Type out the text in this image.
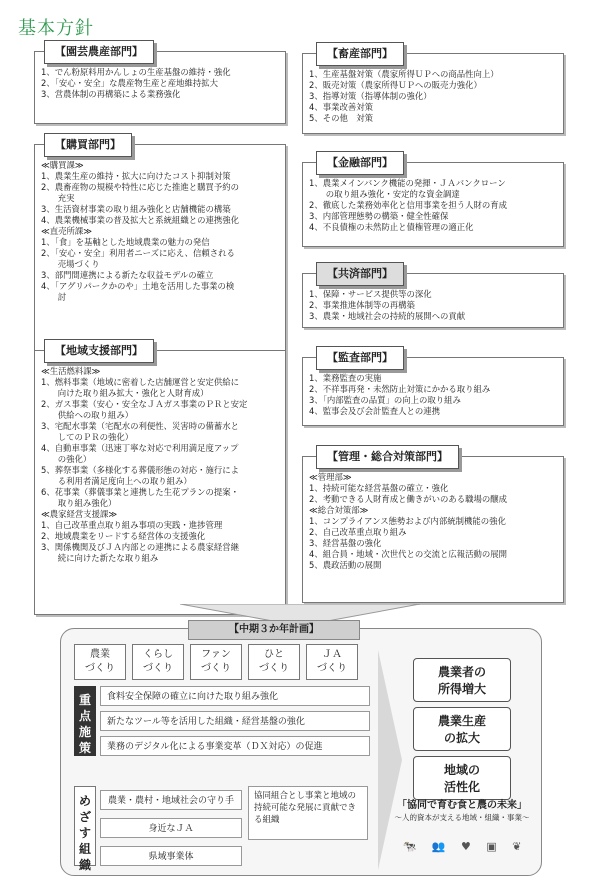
基本方針
【園芸農産部門】
1、でん粉原料用かんしょの生産基盤の維持・強化
2、「安心・安全」な農産物生産と産地維持拡大
3、営農体制の再構築による業務強化
【購買部門】
≪購買課≫
1、農業生産の維持・拡大に向けたコスト抑制対策
2、農畜産物の規模や特性に応じた推進と購買予約の
　　充実
3、生活資材事業の取り組み強化と店舗機能の構築
4、農業機械事業の普及拡大と系統組織との連携強化
≪直売所課≫
1、「食」を基軸とした地域農業の魅力の発信
2、「安心・安全」利用者ニーズに応え、信頼される
　　売場づくり
3、部門間連携による新たな収益モデルの確立
4、「アグリパークかのや」土地を活用した事業の検
　　討
【地域支援部門】
≪生活燃料課≫
1、燃料事業（地域に密着した店舗運営と安定供給に
　　向けた取り組み拡大・強化と人財育成）
2、ガス事業（安心・安全なＪＡガス事業のＰＲと安定
　　供給への取り組み）
3、宅配水事業（宅配水の利便性、災害時の備蓄水と
　　してのＰＲの強化）
4、自動車事業（迅速丁寧な対応で利用満足度アップ
　　の強化）
5、葬祭事業（多様化する葬儀形態の対応・施行によ
　　る利用者満足度向上への取り組み）
6、花事業（葬儀事業と連携した生花プランの提案・
　　取り組み強化）
≪農家経営支援課≫
1、自己改革重点取り組み事項の実践・進捗管理
2、地域農業をリードする経営体の支援強化
3、関係機関及びＪＡ内部との連携による農家経営継
　　続に向けた新たな取り組み
【畜産部門】
1、生産基盤対策（農家所得ＵＰへの商品性向上）
2、販売対策（農家所得ＵＰへの販売力強化）
3、指導対策（指導体制の強化）
4、事業改善対策
5、その他　対策
【金融部門】
1、農業メインバンク機能の発揮・ＪＡバンクローン
　　の取り組み強化・安定的な資金調達
2、徹底した業務効率化と信用事業を担う人財の育成
3、内部管理態勢の構築・健全性確保
4、不良債権の未然防止と債権管理の適正化
【共済部門】
1、保障・サービス提供等の深化
2、事業推進体制等の再構築
3、農業・地域社会の持続的展開への貢献
【監査部門】
1、業務監査の実施
2、不祥事再発・未然防止対策にかかる取り組み
3、「内部監査の品質」の向上の取り組み
4、監事会及び会計監査人との連携
【管理・総合対策部門】
≪管理部≫
1、持続可能な経営基盤の確立・強化
2、考動できる人財育成と働きがいのある職場の醸成
≪総合対策部≫
1、コンプライアンス態勢および内部統制機能の強化
2、自己改革重点取り組み
3、経営基盤の強化
4、組合員・地域・次世代との交流と広報活動の展開
5、農政活動の展開
【中期３か年計画】
農業
づくり
くらし
づくり
ファン
づくり
ひと
づくり
ＪＡ
づくり
重点
施策
食料安全保障の確立に向けた取り組み強化
新たなツール等を活用した組織・経営基盤の強化
業務のデジタル化による事業変革（ＤＸ対応）の促進
農業者の
所得増大
農業生産
の拡大
地域の
活性化
めざす
組織
農業・農村・地域社会の守り手
身近なＪＡ
県域事業体
協同組合とし事業と地域の持続可能な発展に貢献できる組織
「協同で育む食と農の未来」
～人的資本が支える地域・組織・事業～
🐄 👥 ♥ ▣ ❦
